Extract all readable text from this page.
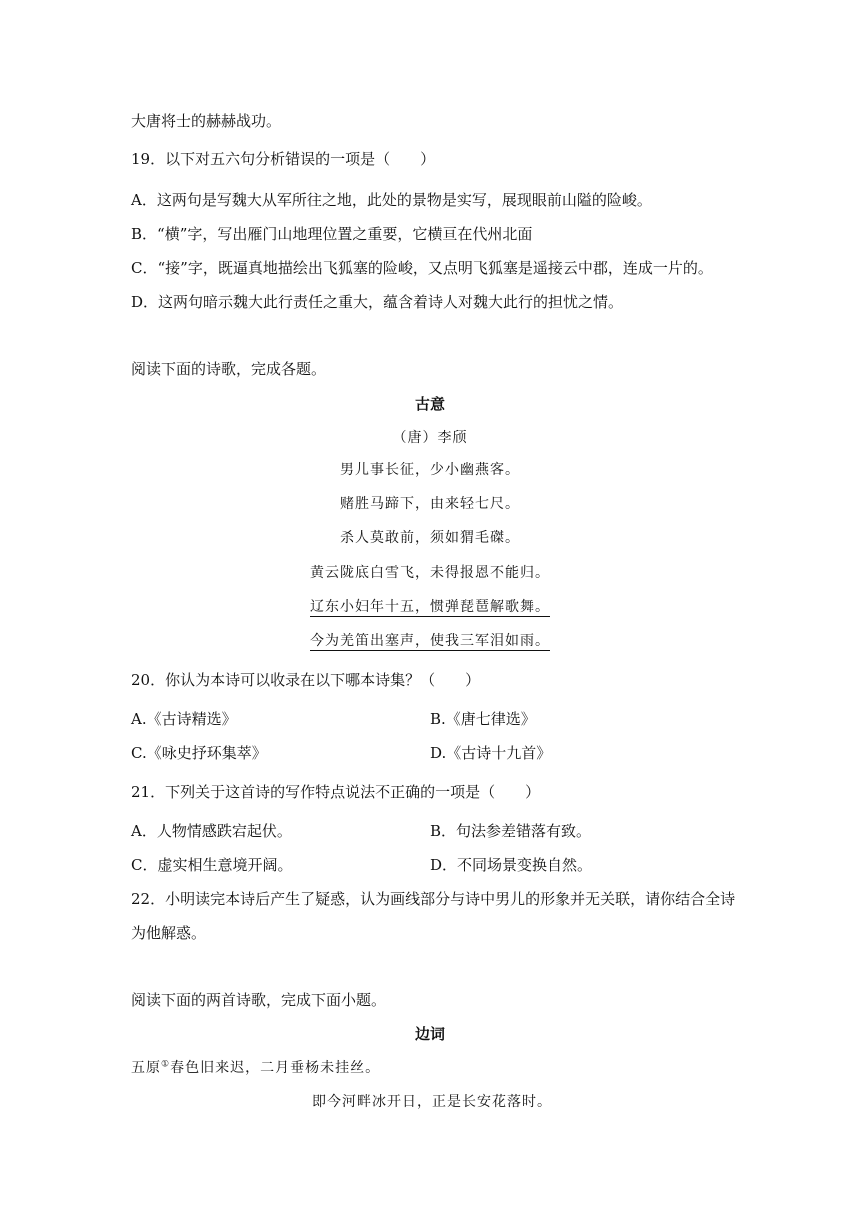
大唐将士的赫赫战功。
19．以下对五六句分析错误的一项是（　　）
A．这两句是写魏大从军所往之地，此处的景物是实写，展现眼前山隘的险峻。
B．“横”字，写出雁门山地理位置之重要，它横亘在代州北面
C．“接”字，既逼真地描绘出飞狐塞的险峻，又点明飞狐塞是遥接云中郡，连成一片的。
D．这两句暗示魏大此行责任之重大，蕴含着诗人对魏大此行的担忧之情。
阅读下面的诗歌，完成各题。
古意
（唐）李颀
男儿事长征，少小幽燕客。
赌胜马蹄下，由来轻七尺。
杀人莫敢前，须如猬毛磔。
黄云陇底白雪飞，未得报恩不能归。
辽东小妇年十五，惯弹琵琶解歌舞。
今为羌笛出塞声，使我三军泪如雨。
20．你认为本诗可以收录在以下哪本诗集？（　　）
A.《古诗精选》	B.《唐七律选》
C.《咏史抒环集萃》	D.《古诗十九首》
21．下列关于这首诗的写作特点说法不正确的一项是（　　）
A．人物情感跌宕起伏。	B．句法参差错落有致。
C．虚实相生意境开阔。	D．不同场景变换自然。
22．小明读完本诗后产生了疑惑，认为画线部分与诗中男儿的形象并无关联，请你结合全诗
为他解惑。
阅读下面的两首诗歌，完成下面小题。
边词
五原①春色旧来迟，二月垂杨未挂丝。
即今河畔冰开日，正是长安花落时。
